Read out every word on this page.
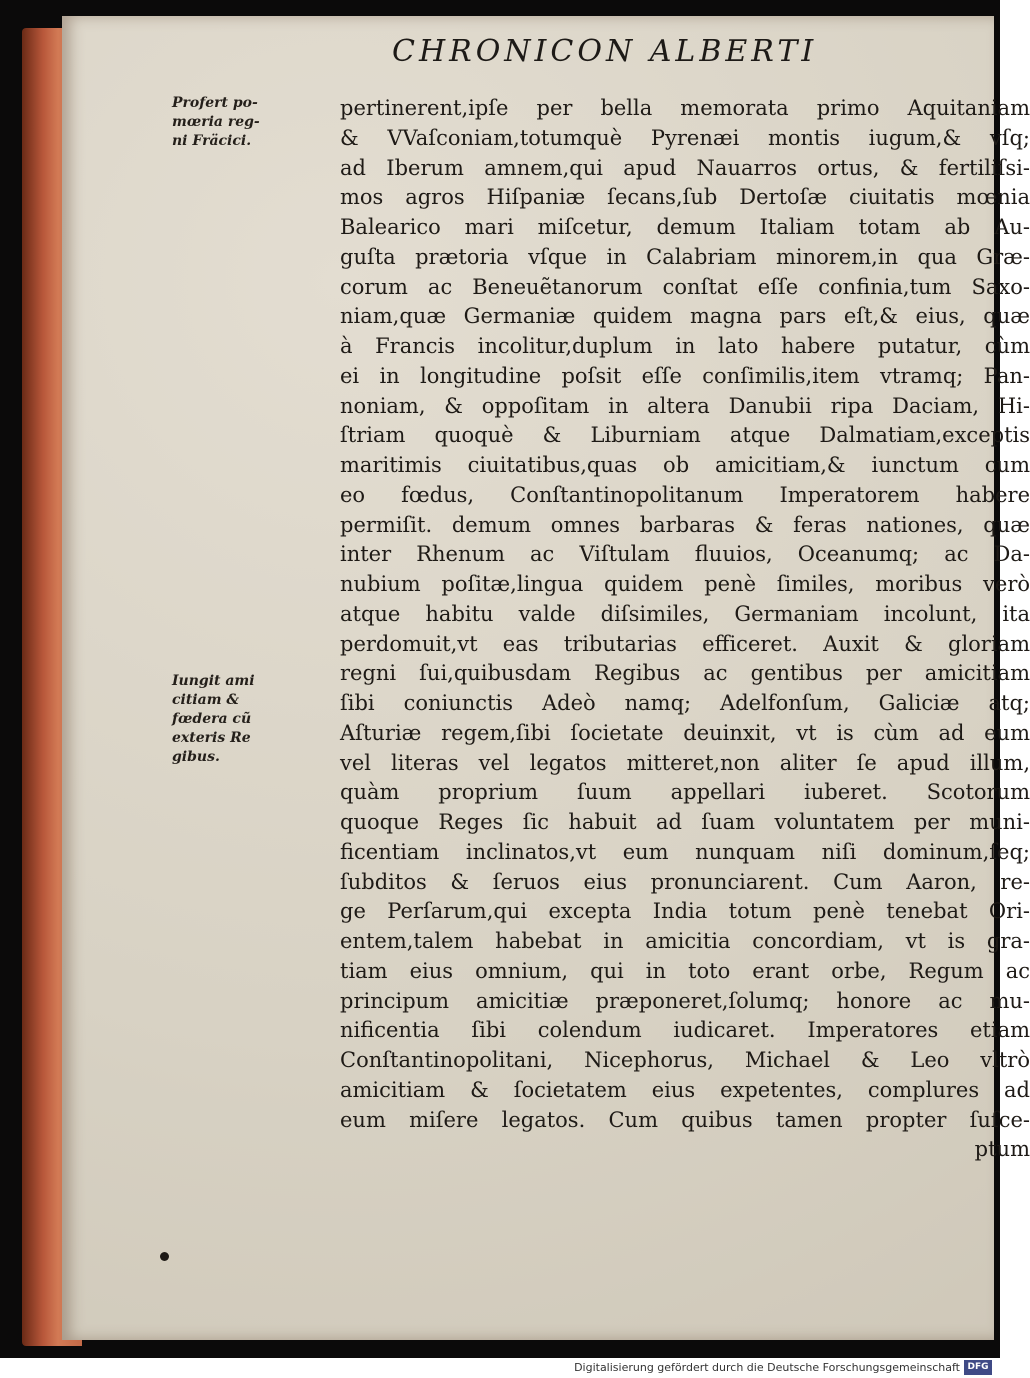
CHRONICON ALBERTI
Profert po-
mœria reg-
ni Fräcici.
Iungit ami
citiam &
fœdera cũ
exteris Re
gibus.
pertinerent,ipſe per bella memorata primo Aquitaniam
& VVaſconiam,totumquè Pyrenæi montis iugum,& vſq;
ad Iberum amnem,qui apud Nauarros ortus, & fertiliſsi-
mos agros Hiſpaniæ ſecans,ſub Dertoſæ ciuitatis mœnia
Balearico mari miſcetur, demum Italiam totam ab Au-
guſta prætoria vſque in Calabriam minorem,in qua Græ-
corum ac Beneuẽtanorum conſtat eſſe confinia,tum Saxo-
niam,quæ Germaniæ quidem magna pars eſt,& eius, quæ
à Francis incolitur,duplum in lato habere putatur, cùm
ei in longitudine poſsit eſſe conſimilis,item vtramq; Pan-
noniam, & oppoſitam in altera Danubii ripa Daciam, Hi-
ſtriam quoquè & Liburniam atque Dalmatiam,exceptis
maritimis ciuitatibus,quas ob amicitiam,& iunctum cum
eo fœdus, Conſtantinopolitanum Imperatorem habere
permiſit. demum omnes barbaras & feras nationes, quæ
inter Rhenum ac Viſtulam fluuios, Oceanumq; ac Da-
nubium poſitæ,lingua quidem penè ſimiles, moribus verò
atque habitu valde diſsimiles, Germaniam incolunt, ita
perdomuit,vt eas tributarias efficeret. Auxit & gloriam
regni ſui,quibusdam Regibus ac gentibus per amicitiam
ſibi coniunctis Adeò namq; Adelfonſum, Galiciæ atq;
Aſturiæ regem,ſibi ſocietate deuinxit, vt is cùm ad eum
vel literas vel legatos mitteret,non aliter ſe apud illum,
quàm proprium ſuum appellari iuberet. Scotorum
quoque Reges ſic habuit ad ſuam voluntatem per muni-
ficentiam inclinatos,vt eum nunquam niſi dominum,ſeq;
ſubditos & ſeruos eius pronunciarent. Cum Aaron, re-
ge Perſarum,qui excepta India totum penè tenebat Ori-
entem,talem habebat in amicitia concordiam, vt is gra-
tiam eius omnium, qui in toto erant orbe, Regum ac
principum amicitiæ præponeret,ſolumq; honore ac mu-
nificentia ſibi colendum iudicaret. Imperatores etiam
Conſtantinopolitani, Nicephorus, Michael & Leo vltrò
amicitiam & ſocietatem eius expetentes, complures ad
eum miſere legatos. Cum quibus tamen propter ſuſce-
ptum
Digitalisierung gefördert durch die Deutsche Forschungsgemeinschaft DFG
